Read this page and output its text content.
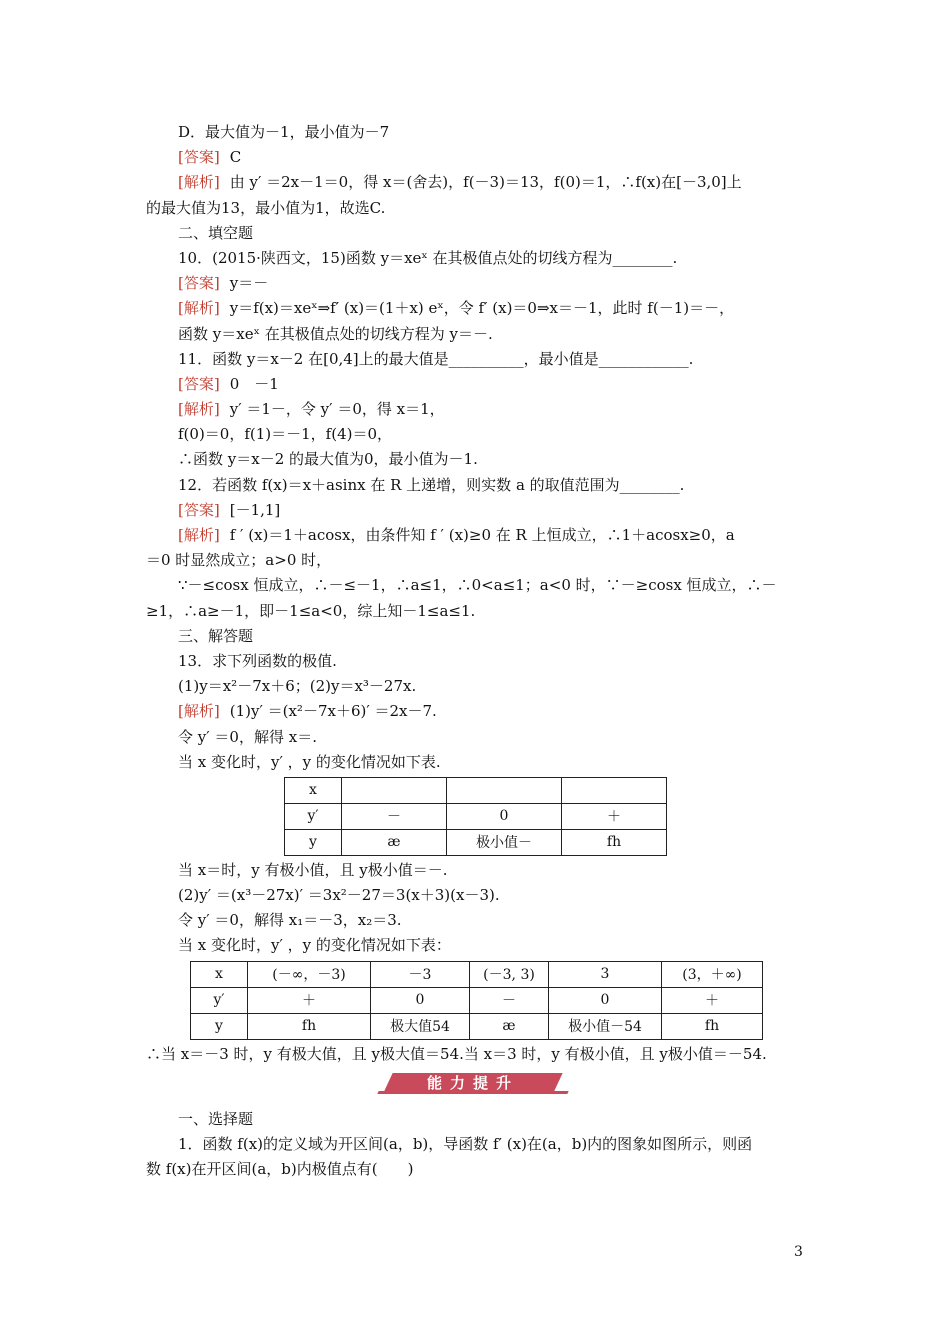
D．最大值为－1，最小值为－7
[答案] C
[解析] 由 y′ ＝2x－1＝0，得 x＝(舍去)，f(－3)＝13，f(0)＝1，∴f(x)在[－3,0]上
的最大值为13，最小值为1，故选C.
二、填空题
10．(2015·陕西文，15)函数 y＝xeˣ 在其极值点处的切线方程为________.
[答案] y＝－
[解析] y＝f(x)＝xeˣ⇒f′ (x)＝(1＋x) eˣ，令 f′ (x)＝0⇒x＝－1，此时 f(－1)＝－，
函数 y＝xeˣ 在其极值点处的切线方程为 y＝－.
11．函数 y＝x－2 在[0,4]上的最大值是__________，最小值是____________.
[答案] 0　－1
[解析] y′ ＝1－，令 y′ ＝0，得 x＝1，
f(0)＝0，f(1)＝－1，f(4)＝0，
∴函数 y＝x－2 的最大值为0，最小值为－1.
12．若函数 f(x)＝x＋asinx 在 R 上递增，则实数 a 的取值范围为________.
[答案] [－1,1]
[解析] f ′ (x)＝1＋acosx，由条件知 f ′ (x)≥0 在 R 上恒成立，∴1＋acosx≥0，a
＝0 时显然成立；a>0 时，
∵－≤cosx 恒成立，∴－≤－1，∴a≤1，∴0<a≤1；a<0 时，∵－≥cosx 恒成立，∴－
≥1，∴a≥－1，即－1≤a<0，综上知－1≤a≤1.
三、解答题
13．求下列函数的极值.
(1)y＝x²－7x＋6；(2)y＝x³－27x.
[解析] (1)y′ ＝(x²－7x＋6)′ ＝2x－7.
令 y′ ＝0，解得 x＝.
当 x 变化时，y′ ，y 的变化情况如下表.
x			
y′	－	0	＋
y	æ	极小值－	fh
当 x＝时，y 有极小值，且 y极小值＝－.
(2)y′ ＝(x³－27x)′ ＝3x²－27＝3(x＋3)(x－3).
令 y′ ＝0，解得 x₁＝－3，x₂＝3.
当 x 变化时，y′ ，y 的变化情况如下表：
x	(－∞，－3)	－3	(－3, 3)	3	(3，＋∞)
y′	＋	0	－	0	＋
y	fh	极大值54	æ	极小值－54	fh
∴当 x＝－3 时，y 有极大值，且 y极大值＝54.当 x＝3 时，y 有极小值，且 y极小值＝－54.
能力提升
一、选择题
1．函数 f(x)的定义域为开区间(a，b)，导函数 f′ (x)在(a，b)内的图象如图所示，则函
数 f(x)在开区间(a，b)内极值点有(　　)
3
